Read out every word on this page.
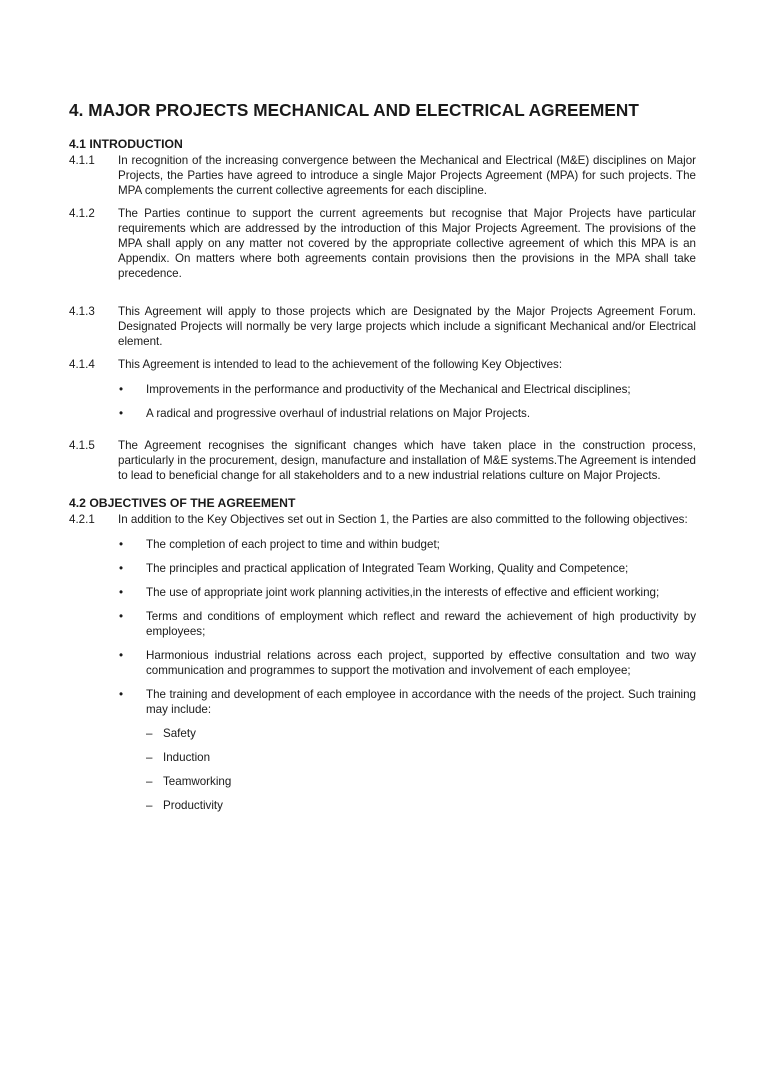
4. MAJOR PROJECTS MECHANICAL AND ELECTRICAL AGREEMENT
4.1 INTRODUCTION
4.1.1	In recognition of the increasing convergence between the Mechanical and Electrical (M&E) disciplines on Major Projects, the Parties have agreed to introduce a single Major Projects Agreement (MPA) for such projects. The MPA complements the current collective agreements for each discipline.

4.1.2	The Parties continue to support the current agreements but recognise that Major Projects have particular requirements which are addressed by the introduction of this Major Projects Agreement. The provisions of the MPA shall apply on any matter not covered by the appropriate collective agreement of which this MPA is an Appendix. On matters where both agreements contain provisions then the provisions in the MPA shall take precedence.

4.1.3	This Agreement will apply to those projects which are Designated by the Major Projects Agreement Forum. Designated Projects will normally be very large projects which include a significant Mechanical and/or Electrical element.

4.1.4	This Agreement is intended to lead to the achievement of the following Key Objectives:

•	Improvements in the performance and productivity of the Mechanical and Electrical disciplines;
•	A radical and progressive overhaul of industrial relations on Major Projects.
4.1.5	The Agreement recognises the significant changes which have taken place in the construction process, particularly in the procurement, design, manufacture and installation of M&E systems.The Agreement is intended to lead to beneficial change for all stakeholders and to a new industrial relations culture on Major Projects.

4.2 OBJECTIVES OF THE AGREEMENT
4.2.1	In addition to the Key Objectives set out in Section 1, the Parties are also committed to the following objectives:

•	The completion of each project to time and within budget;
•	The principles and practical application of Integrated Team Working, Quality and Competence;
•	The use of appropriate joint work planning activities,in the interests of effective and efficient working;
•	Terms and conditions of employment which reflect and reward the achievement of high productivity by employees;
•	Harmonious industrial relations across each project, supported by effective consultation and two way communication and programmes to support the motivation and involvement of each employee;
•	The training and development of each employee in accordance with the needs of the project. Such training may include:
– Safety
– Induction
– Teamworking
– Productivity
